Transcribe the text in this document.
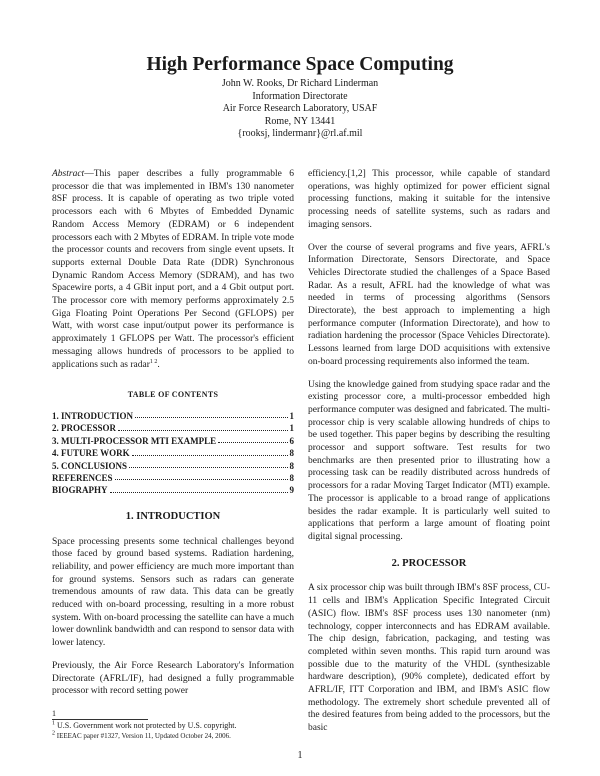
High Performance Space Computing
John W. Rooks, Dr Richard Linderman
Information Directorate
Air Force Research Laboratory, USAF
Rome, NY 13441
{rooksj, lindermanr}@rl.af.mil

Abstract—This paper describes a fully programmable 6 processor die that was implemented in IBM's 130 nanometer 8SF process. It is capable of operating as two triple voted processors each with 6 Mbytes of Embedded Dynamic Random Access Memory (EDRAM) or 6 independent processors each with 2 Mbytes of EDRAM. In triple vote mode the processor counts and recovers from single event upsets. It supports external Double Data Rate (DDR) Synchronous Dynamic Random Access Memory (SDRAM), and has two Spacewire ports, a 4 GBit input port, and a 4 Gbit output port. The processor core with memory performs approximately 2.5 Giga Floating Point Operations Per Second (GFLOPS) per Watt, with worst case input/output power its performance is approximately 1 GFLOPS per Watt. The processor's efficient messaging allows hundreds of processors to be applied to applications such as radar$^{1 2}$.

TABLE OF CONTENTS
1. INTRODUCTION	1
2. PROCESSOR	1
3. MULTI-PROCESSOR MTI EXAMPLE	6
4. FUTURE WORK	8
5. CONCLUSIONS	8
REFERENCES	8
BIOGRAPHY	9
1. INTRODUCTION

Space processing presents some technical challenges beyond those faced by ground based systems. Radiation hardening, reliability, and power efficiency are much more important than for ground systems. Sensors such as radars can generate tremendous amounts of raw data. This data can be greatly reduced with on-board processing, resulting in a more robust system. With on-board processing the satellite can have a much lower downlink bandwidth and can respond to sensor data with lower latency.

Previously, the Air Force Research Laboratory's Information Directorate (AFRL/IF), had designed a fully programmable processor with record setting power

1
$^1$ U.S. Government work not protected by U.S. copyright.
$^2$ IEEEAC paper #1327, Version 11, Updated October 24, 2006.

efficiency.[1,2] This processor, while capable of standard operations, was highly optimized for power efficient signal processing functions, making it suitable for the intensive processing needs of satellite systems, such as radars and imaging sensors.

Over the course of several programs and five years, AFRL's Information Directorate, Sensors Directorate, and Space Vehicles Directorate studied the challenges of a Space Based Radar. As a result, AFRL had the knowledge of what was needed in terms of processing algorithms (Sensors Directorate), the best approach to implementing a high performance computer (Information Directorate), and how to radiation hardening the processor (Space Vehicles Directorate). Lessons learned from large DOD acquisitions with extensive on-board processing requirements also informed the team.

Using the knowledge gained from studying space radar and the existing processor core, a multi-processor embedded high performance computer was designed and fabricated. The multi-processor chip is very scalable allowing hundreds of chips to be used together. This paper begins by describing the resulting processor and support software. Test results for two benchmarks are then presented prior to illustrating how a processing task can be readily distributed across hundreds of processors for a radar Moving Target Indicator (MTI) example. The processor is applicable to a broad range of applications besides the radar example. It is particularly well suited to applications that perform a large amount of floating point digital signal processing.

2. PROCESSOR

A six processor chip was built through IBM's 8SF process, CU-11 cells and IBM's Application Specific Integrated Circuit (ASIC) flow. IBM's 8SF process uses 130 nanometer (nm) technology, copper interconnects and has EDRAM available. The chip design, fabrication, packaging, and testing was completed within seven months. This rapid turn around was possible due to the maturity of the VHDL (synthesizable hardware description), (90% complete), dedicated effort by AFRL/IF, ITT Corporation and IBM, and IBM's ASIC flow methodology. The extremely short schedule prevented all of the desired features from being added to the processors, but the basic

1
